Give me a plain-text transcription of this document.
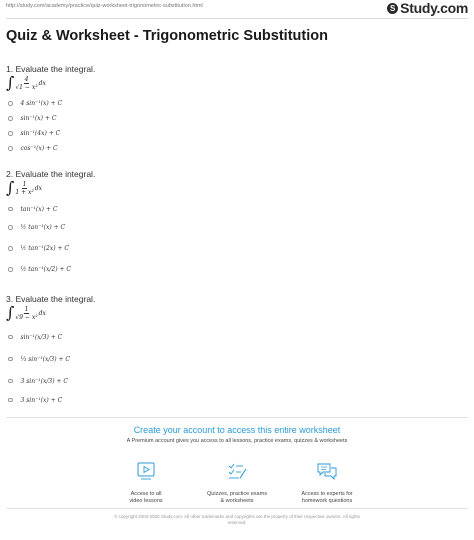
http://study.com/academy/practice/quiz-worksheet-trigonometric-substitution.html	S Study.com
Quiz & Worksheet - Trigonometric Substitution
1. Evaluate the integral.
∫ $\frac{4}{\text{√1 − x²}}$ dx
4 sin⁻¹(x) + C
sin⁻¹(x) + C
sin⁻¹(4x) + C
cos⁻¹(x) + C
2. Evaluate the integral.
∫ $\frac{1}{\text{1 + x²}}$ dx
tan⁻¹(x) + C
½ tan⁻¹(x) + C
½ tan⁻¹(2x) + C
½ tan⁻¹(x/2) + C
3. Evaluate the integral.
∫ $\frac{1}{\text{√9 − x²}}$ dx
sin⁻¹(x/3) + C
⅓ sin⁻¹(x/3) + C
3 sin⁻¹(x/3) + C
3 sin⁻¹(x) + C
Create your account to access this entire worksheet
A Premium account gives you access to all lessons, practice exams, quizzes & worksheets
Access to all
video lessons
Quizzes, practice exams
& worksheets
Access to experts for
homework questions
© copyright 2003-2020 Study.com. All other trademarks and copyrights are the property of their respective owners. All rights
reserved.
